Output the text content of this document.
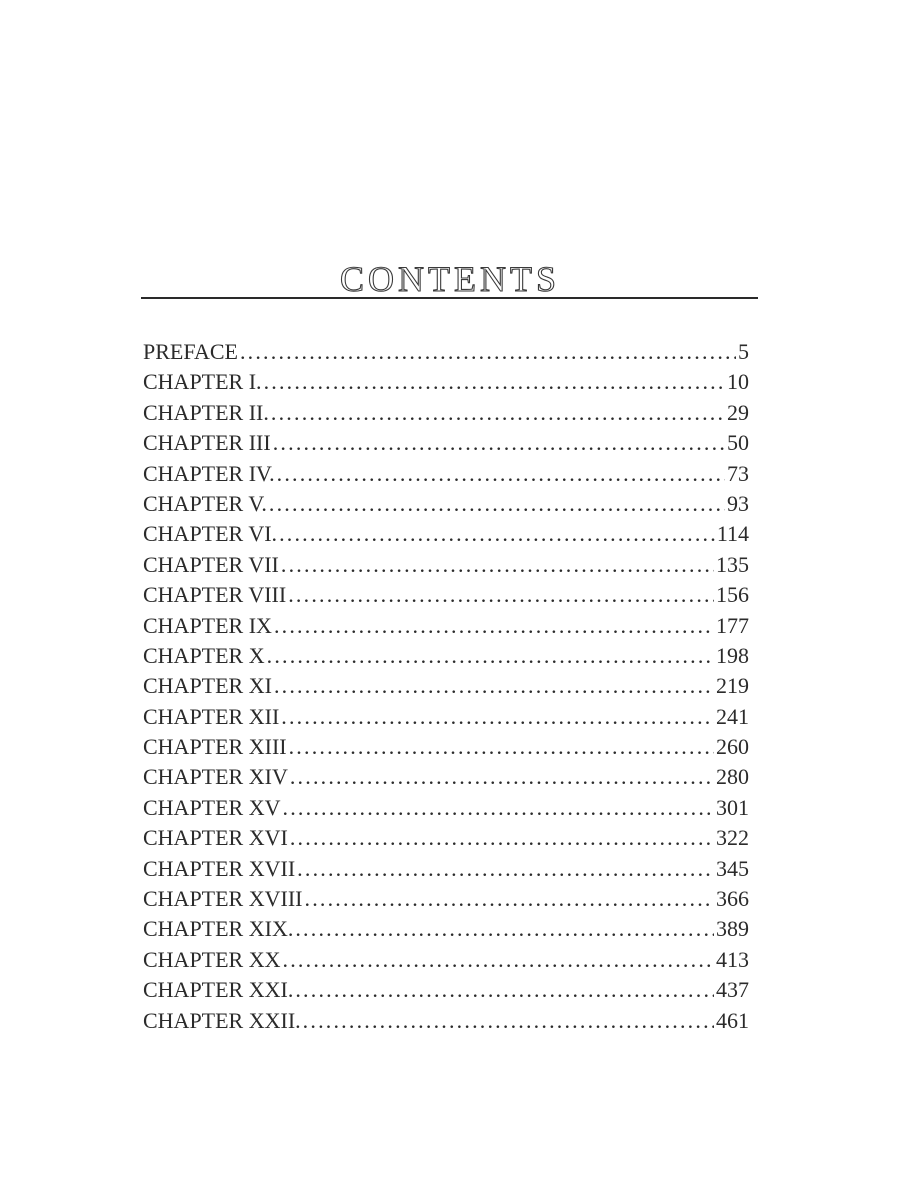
CONTENTS
PREFACE .....	5
CHAPTER I. .....	10
CHAPTER II. .....	29
CHAPTER III .....	50
CHAPTER IV. .....	73
CHAPTER V. .....	93
CHAPTER VI. .....	114
CHAPTER VII .....	135
CHAPTER VIII .....	156
CHAPTER IX .....	177
CHAPTER X .....	198
CHAPTER XI .....	219
CHAPTER XII .....	241
CHAPTER XIII .....	260
CHAPTER XIV .....	280
CHAPTER XV .....	301
CHAPTER XVI .....	322
CHAPTER XVII .....	345
CHAPTER XVIII .....	366
CHAPTER XIX. .....	389
CHAPTER XX .....	413
CHAPTER XXI. .....	437
CHAPTER XXII. .....	461
